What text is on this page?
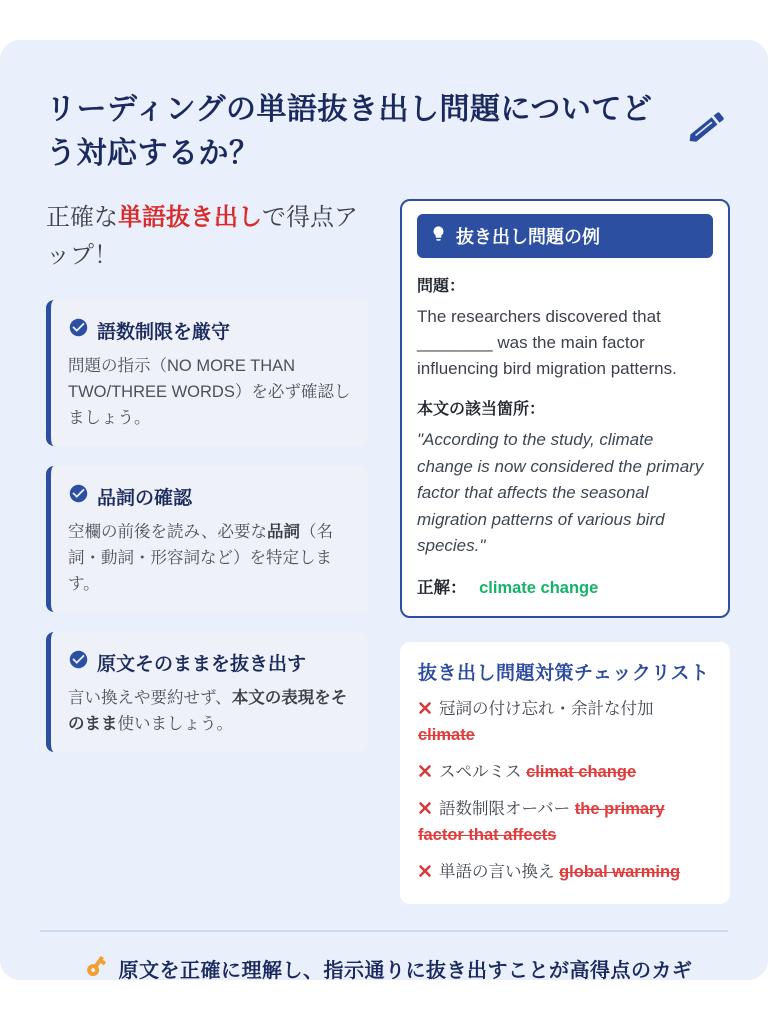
リーディングの単語抜き出し問題についてどう対応するか？
正確な単語抜き出しで得点アップ！
語数制限を厳守
問題の指示（NO MORE THAN TWO/THREE WORDS）を必ず確認しましょう。
品詞の確認
空欄の前後を読み、必要な品詞（名詞・動詞・形容詞など）を特定します。
原文そのままを抜き出す
言い換えや要約せず、本文の表現をそのまま使いましょう。
抜き出し問題の例
問題：
The researchers discovered that ________ was the main factor influencing bird migration patterns.
本文の該当箇所：
"According to the study, climate change is now considered the primary factor that affects the seasonal migration patterns of various bird species."
正解： climate change
抜き出し問題対策チェックリスト
冠詞の付け忘れ・余計な付加 climate
スペルミス climat change
語数制限オーバー the primary factor that affects
単語の言い換え global warming
原文を正確に理解し、指示通りに抜き出すことが高得点のカギ
